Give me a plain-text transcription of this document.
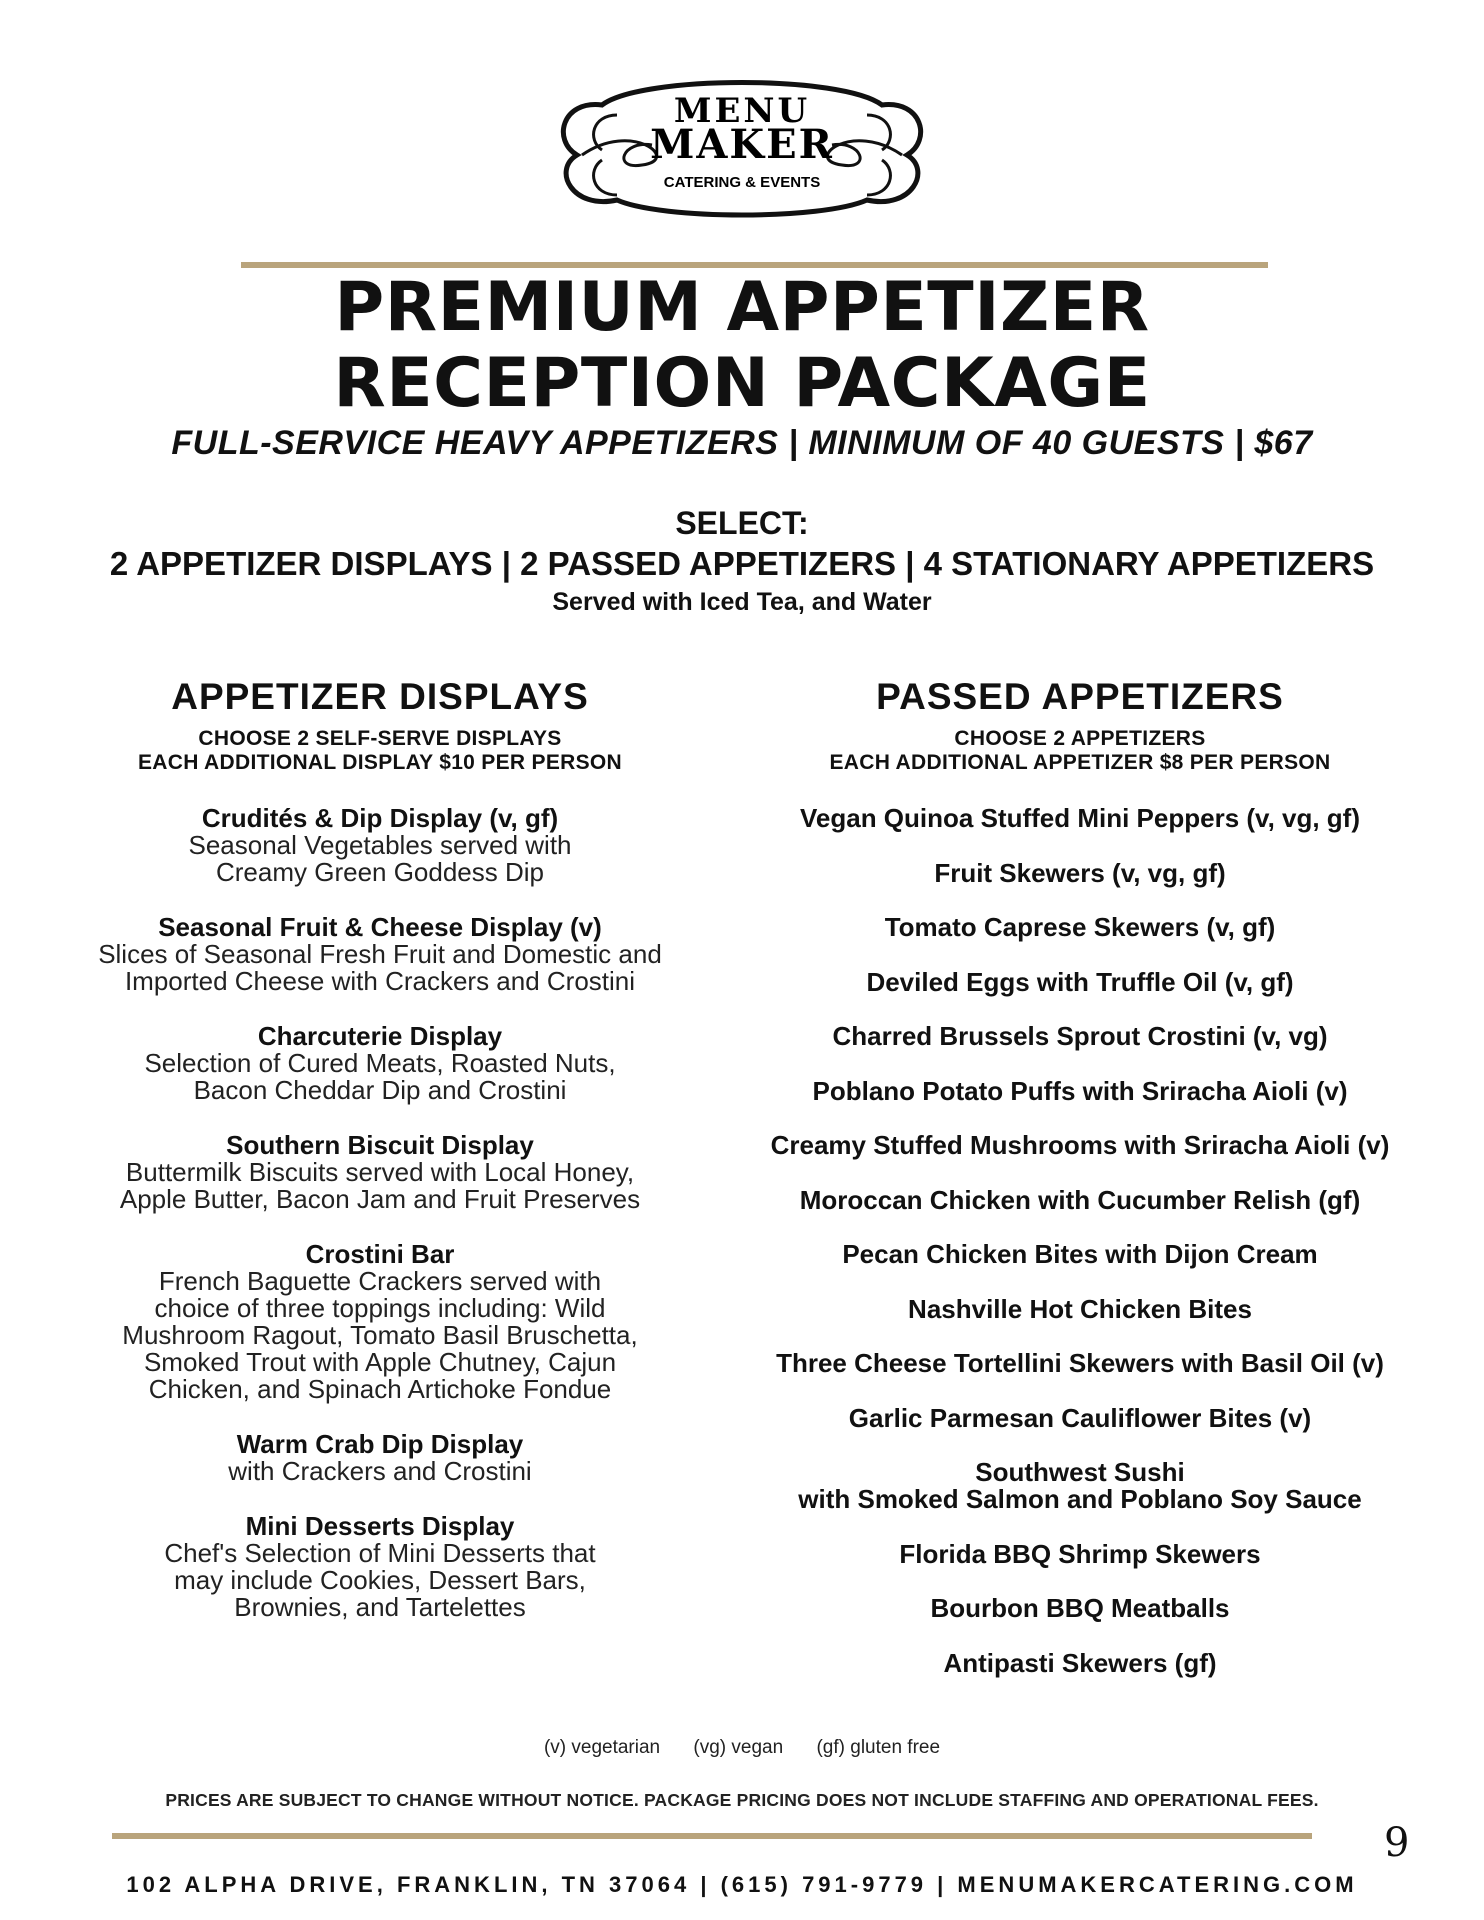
MENU
MAKER
CATERING & EVENTS
PREMIUM APPETIZER
RECEPTION PACKAGE
FULL-SERVICE HEAVY APPETIZERS | MINIMUM OF 40 GUESTS | $67
SELECT:
2 APPETIZER DISPLAYS | 2 PASSED APPETIZERS | 4 STATIONARY APPETIZERS
Served with Iced Tea, and Water
APPETIZER DISPLAYS
CHOOSE 2 SELF-SERVE DISPLAYS
EACH ADDITIONAL DISPLAY $10 PER PERSON
Crudités & Dip Display (v, gf)
Seasonal Vegetables served with Creamy Green Goddess Dip
Seasonal Fruit & Cheese Display (v)
Slices of Seasonal Fresh Fruit and Domestic and Imported Cheese with Crackers and Crostini
Charcuterie Display
Selection of Cured Meats, Roasted Nuts, Bacon Cheddar Dip and Crostini
Southern Biscuit Display
Buttermilk Biscuits served with Local Honey, Apple Butter, Bacon Jam and Fruit Preserves
Crostini Bar
French Baguette Crackers served with choice of three toppings including: Wild Mushroom Ragout, Tomato Basil Bruschetta, Smoked Trout with Apple Chutney, Cajun Chicken, and Spinach Artichoke Fondue
Warm Crab Dip Display
with Crackers and Crostini
Mini Desserts Display
Chef's Selection of Mini Desserts that may include Cookies, Dessert Bars, Brownies, and Tartelettes
PASSED APPETIZERS
CHOOSE 2 APPETIZERS
EACH ADDITIONAL APPETIZER $8 PER PERSON
Vegan Quinoa Stuffed Mini Peppers (v, vg, gf)
Fruit Skewers (v, vg, gf)
Tomato Caprese Skewers (v, gf)
Deviled Eggs with Truffle Oil (v, gf)
Charred Brussels Sprout Crostini (v, vg)
Poblano Potato Puffs with Sriracha Aioli (v)
Creamy Stuffed Mushrooms with Sriracha Aioli (v)
Moroccan Chicken with Cucumber Relish (gf)
Pecan Chicken Bites with Dijon Cream
Nashville Hot Chicken Bites
Three Cheese Tortellini Skewers with Basil Oil (v)
Garlic Parmesan Cauliflower Bites (v)
Southwest Sushi
with Smoked Salmon and Poblano Soy Sauce
Florida BBQ Shrimp Skewers
Bourbon BBQ Meatballs
Antipasti Skewers (gf)
(v) vegetarian (vg) vegan (gf) gluten free
PRICES ARE SUBJECT TO CHANGE WITHOUT NOTICE. PACKAGE PRICING DOES NOT INCLUDE STAFFING AND OPERATIONAL FEES.
9
102 ALPHA DRIVE, FRANKLIN, TN 37064 | (615) 791-9779 | MENUMAKERCATERING.COM
